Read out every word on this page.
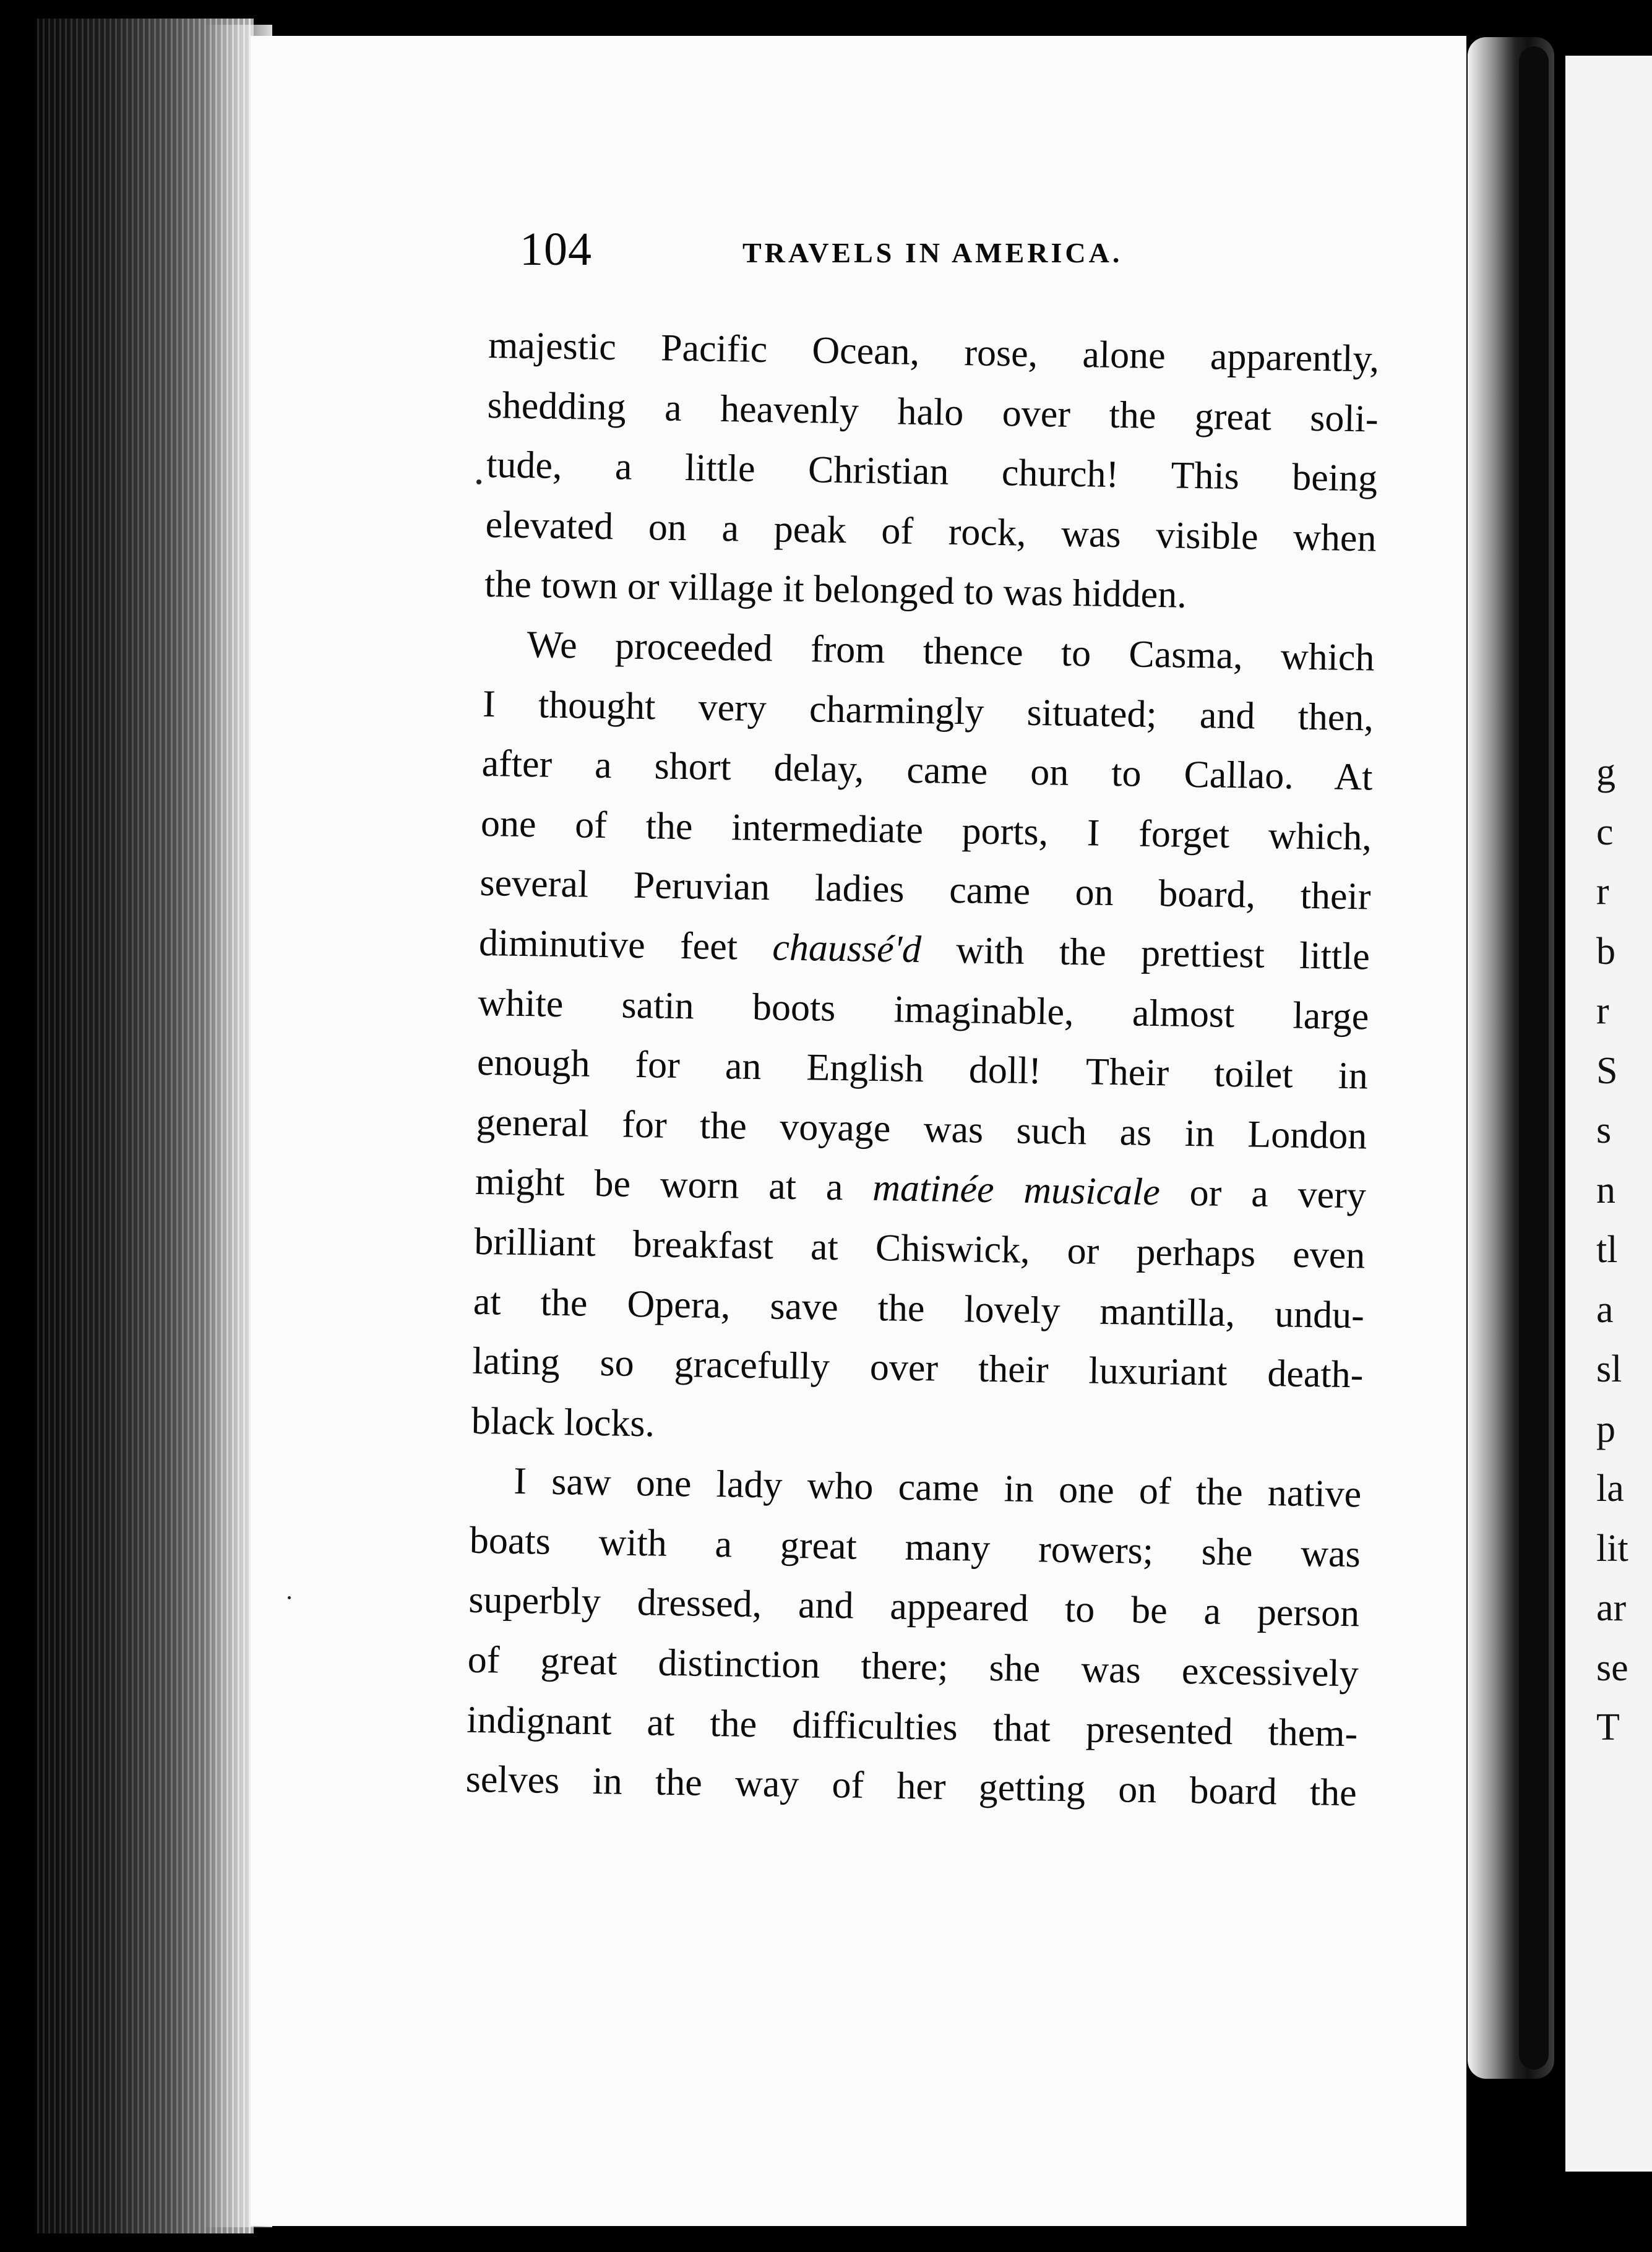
g
c
r
b
r
S
s
n
tl
a
sl
p
la
lit
ar
se
T
104	TRAVELS IN AMERICA.
majestic Pacific Ocean, rose, alone apparently,
shedding a heavenly halo over the great soli-
tude, a little Christian church! This being
elevated on a peak of rock, was visible when
the town or village it belonged to was hidden.
We proceeded from thence to Casma, which
I thought very charmingly situated; and then,
after a short delay, came on to Callao. At
one of the intermediate ports, I forget which,
several Peruvian ladies came on board, their
diminutive feet chaussé'd with the prettiest little
white satin boots imaginable, almost large
enough for an English doll! Their toilet in
general for the voyage was such as in London
might be worn at a matinée musicale or a very
brilliant breakfast at Chiswick, or perhaps even
at the Opera, save the lovely mantilla, undu-
lating so gracefully over their luxuriant death-
black locks.
I saw one lady who came in one of the native
boats with a great many rowers; she was
superbly dressed, and appeared to be a person
of great distinction there; she was excessively
indignant at the difficulties that presented them-
selves in the way of her getting on board the
